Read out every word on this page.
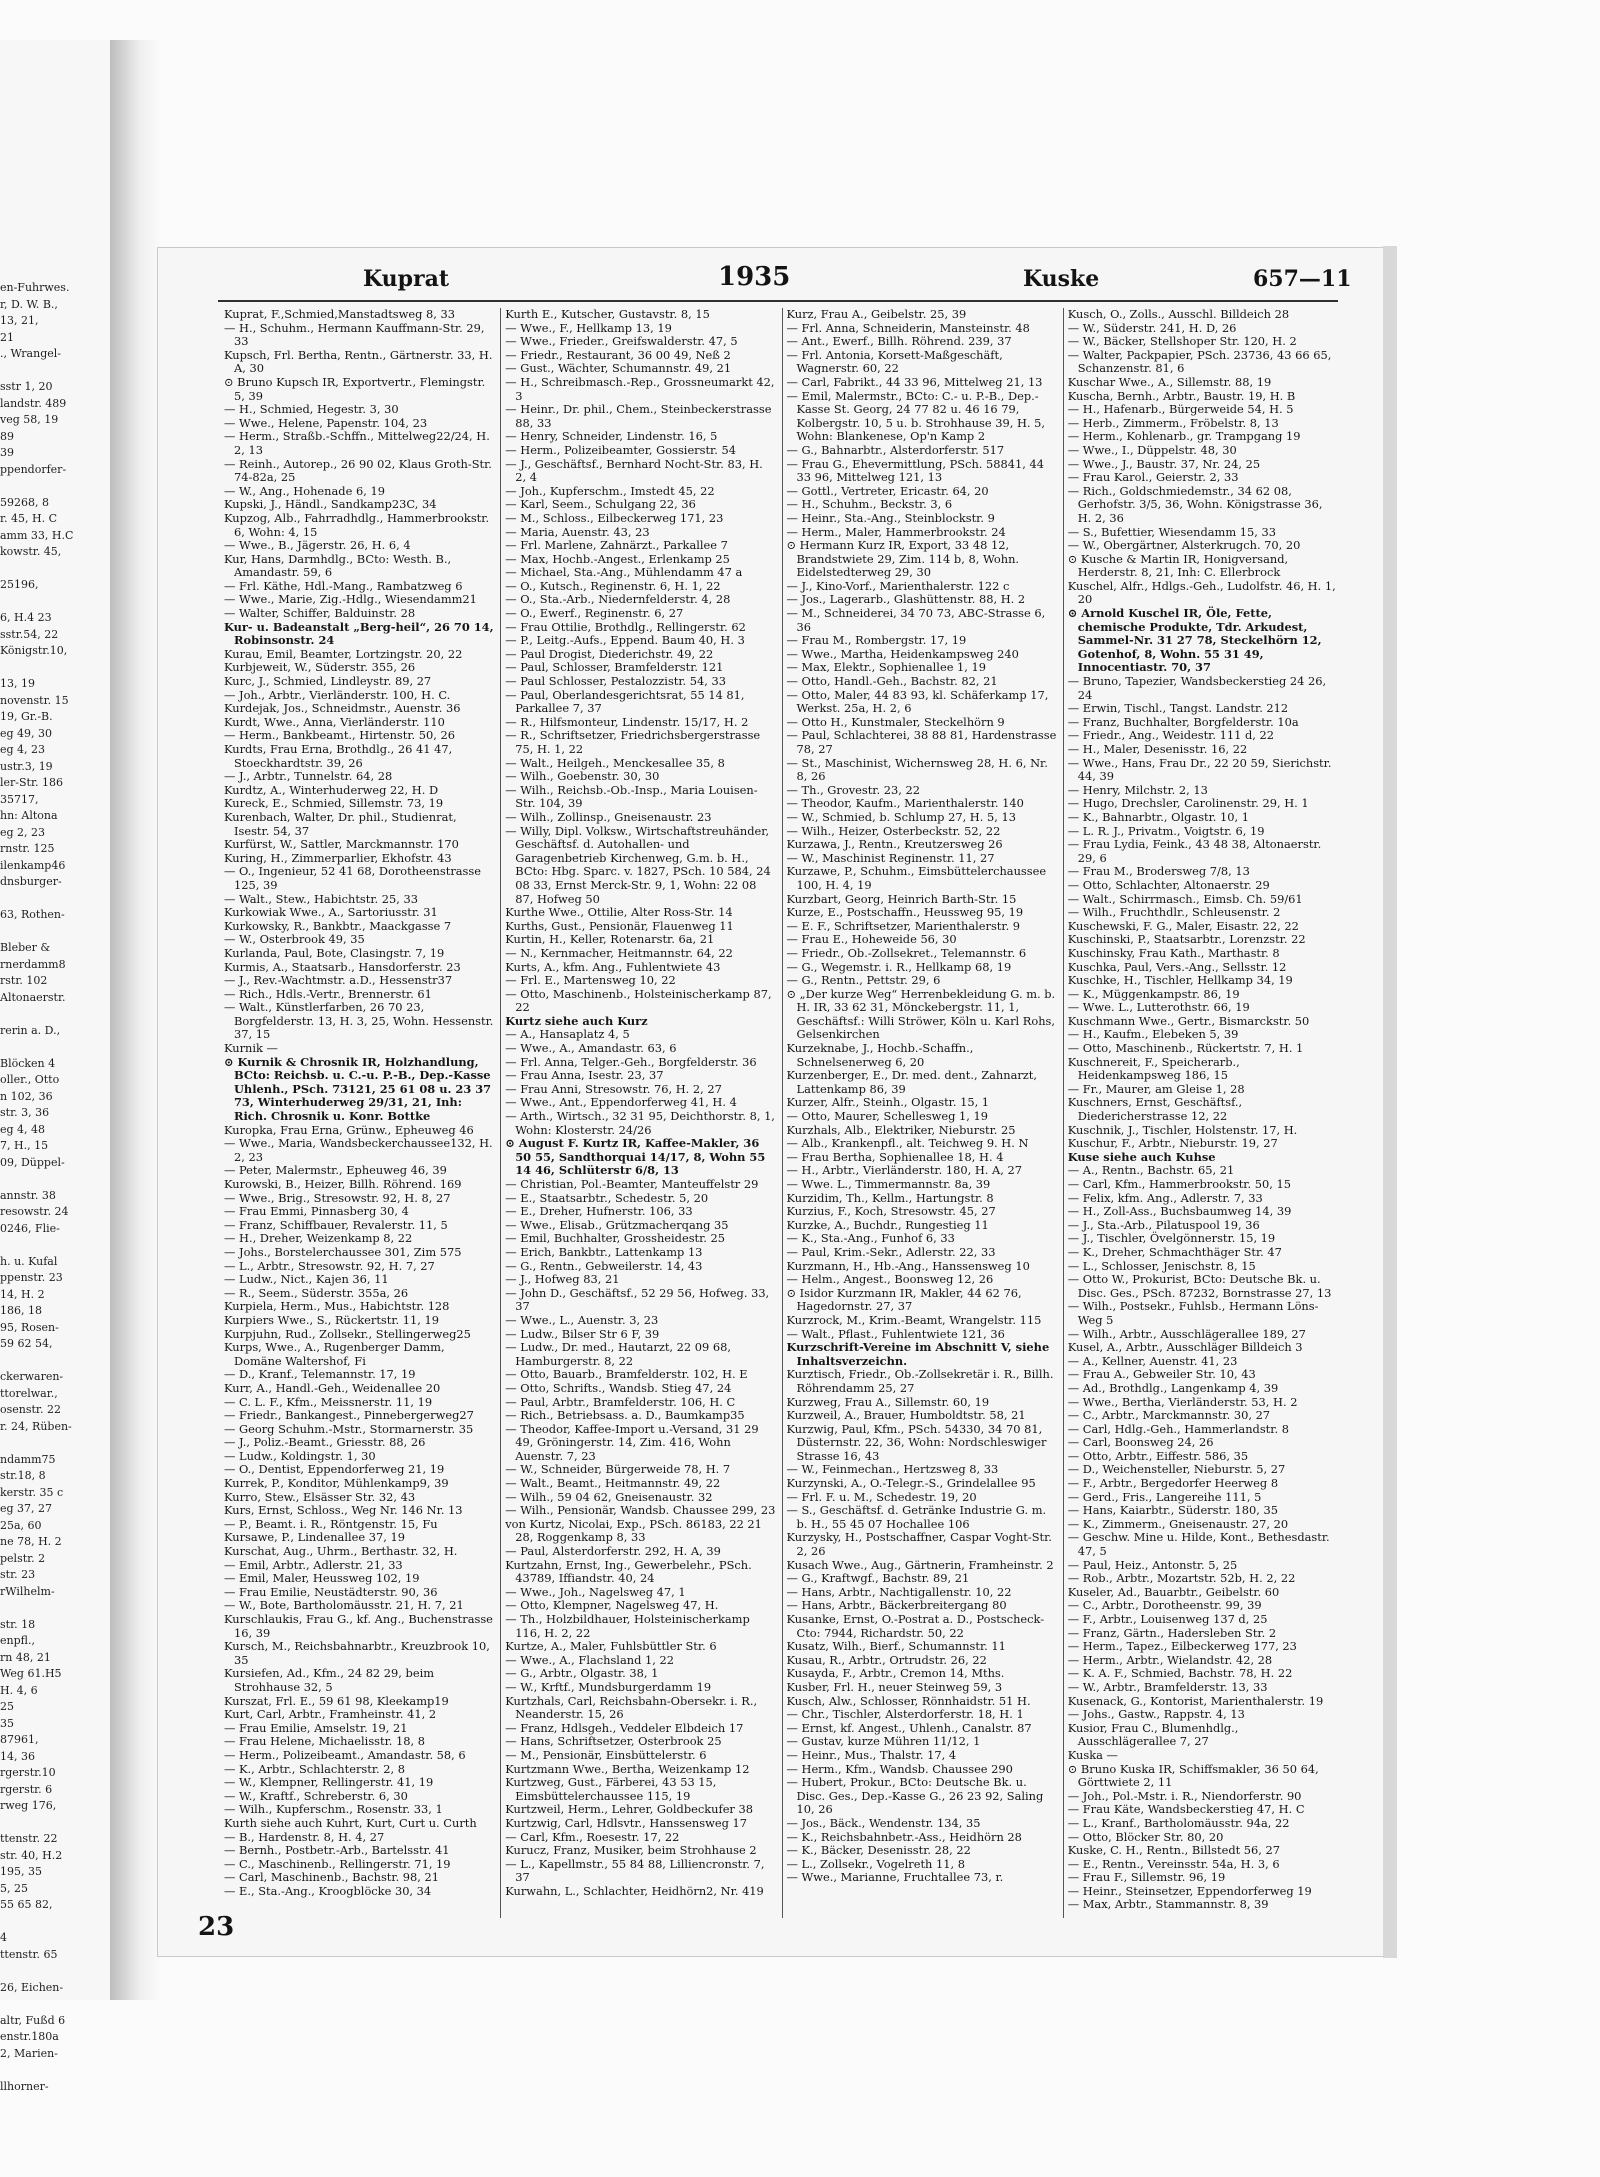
en-Fuhrwes.
r, D. W. B.,
13, 21,
21
., Wrangel-

sstr 1, 20
landstr. 489
veg 58, 19
89
39
ppendorfer-

59268, 8
r. 45, H. C
amm 33, H.C
kowstr. 45,

25196,

6, H.4 23
sstr.54, 22
Königstr.10,

13, 19
novenstr. 15
19, Gr.-B.
eg 49, 30
eg 4, 23
ustr.3, 19
ler-Str. 186
35717,
hn: Altona
eg 2, 23
rnstr. 125
ilenkamp46
dnsburger-

63, Rothen-

Bleber &
rnerdamm8
rstr. 102
Altonaerstr.

rerin a. D.,

Blöcken 4
oller., Otto
n 102, 36
str. 3, 36
eg 4, 48
7, H., 15
09, Düppel-

annstr. 38
resowstr. 24
0246, Flie-

h. u. Kufal
ppenstr. 23
14, H. 2
186, 18
95, Rosen-
59 62 54,

ckerwaren-
ttorelwar.,
osenstr. 22
r. 24, Rüben-

ndamm75
str.18, 8
kerstr. 35 c
eg 37, 27
25a, 60
ne 78, H. 2
pelstr. 2
str. 23
rWilhelm-

str. 18
enpfl.,
rn 48, 21
Weg 61.H5
H. 4, 6
25
35
87961,
14, 36
rgerstr.10
rgerstr. 6
rweg 176,

ttenstr. 22
str. 40, H.2
195, 35
5, 25
55 65 82,

4
ttenstr. 65

26, Eichen-

altr, Fußd 6
enstr.180a
2, Marien-

llhorner-
Kuprat	1935	Kuske	657—11

Kuprat, F.,Schmied,Manstadtsweg 8, 33

— H., Schuhm., Hermann Kauffmann-Str. 29, 33

Kupsch, Frl. Bertha, Rentn., Gärtnerstr. 33, H. A, 30

⊙ Bruno Kupsch IR, Exportvertr., Flemingstr. 5, 39

— H., Schmied, Hegestr. 3, 30

— Wwe., Helene, Papenstr. 104, 23

— Herm., Straßb.-Schffn., Mittelweg22/24, H. 2, 13

— Reinh., Autorep., 26 90 02, Klaus Groth-Str. 74-82a, 25

— W., Ang., Hohenade 6, 19

Kupski, J., Händl., Sandkamp23C, 34

Kupzog, Alb., Fahrradhdlg., Hammerbrookstr. 6, Wohn: 4, 15

— Wwe., B., Jägerstr. 26, H. 6, 4

Kur, Hans, Darmhdlg., BCto: Westh. B., Amandastr. 59, 6

— Frl. Käthe, Hdl.-Mang., Rambatzweg 6

— Wwe., Marie, Zig.-Hdlg., Wiesendamm21

— Walter, Schiffer, Balduinstr. 28

Kur- u. Badeanstalt „Berg-heil“, 26 70 14, Robinsonstr. 24

Kurau, Emil, Beamter, Lortzingstr. 20, 22

Kurbjeweit, W., Süderstr. 355, 26

Kurc, J., Schmied, Lindleystr. 89, 27

— Joh., Arbtr., Vierländerstr. 100, H. C.

Kurdejak, Jos., Schneidmstr., Auenstr. 36

Kurdt, Wwe., Anna, Vierländerstr. 110

— Herm., Bankbeamt., Hirtenstr. 50, 26

Kurdts, Frau Erna, Brothdlg., 26 41 47, Stoeckhardtstr. 39, 26

— J., Arbtr., Tunnelstr. 64, 28

Kurdtz, A., Winterhuderweg 22, H. D

Kureck, E., Schmied, Sillemstr. 73, 19

Kurenbach, Walter, Dr. phil., Studienrat, Isestr. 54, 37

Kurfürst, W., Sattler, Marckmannstr. 170

Kuring, H., Zimmerparlier, Ekhofstr. 43

— O., Ingenieur, 52 41 68, Dorotheenstrasse 125, 39

— Walt., Stew., Habichtstr. 25, 33

Kurkowiak Wwe., A., Sartoriusstr. 31

Kurkowsky, R., Bankbtr., Maackgasse 7

— W., Osterbrook 49, 35

Kurlanda, Paul, Bote, Clasingstr. 7, 19

Kurmis, A., Staatsarb., Hansdorferstr. 23

— J., Rev.-Wachtmstr. a.D., Hessenstr37

— Rich., Hdls.-Vertr., Brennerstr. 61

— Walt., Künstlerfarben, 26 70 23, Borgfelderstr. 13, H. 3, 25, Wohn. Hessenstr. 37, 15

Kurnik —

⊙ Kurnik & Chrosnik IR, Holzhandlung, BCto: Reichsb. u. C.-u. P.-B., Dep.-Kasse Uhlenh., PSch. 73121, 25 61 08 u. 23 37 73, Winterhuderweg 29/31, 21, Inh: Rich. Chrosnik u. Konr. Bottke

Kuropka, Frau Erna, Grünw., Epheuweg 46

— Wwe., Maria, Wandsbeckerchaussee132, H. 2, 23

— Peter, Malermstr., Epheuweg 46, 39

Kurowski, B., Heizer, Billh. Röhrend. 169

— Wwe., Brig., Stresowstr. 92, H. 8, 27

— Frau Emmi, Pinnasberg 30, 4

— Franz, Schiffbauer, Revalerstr. 11, 5

— H., Dreher, Weizenkamp 8, 22

— Johs., Borstelerchaussee 301, Zim 575

— L., Arbtr., Stresowstr. 92, H. 7, 27

— Ludw., Nict., Kajen 36, 11

— R., Seem., Süderstr. 355a, 26

Kurpiela, Herm., Mus., Habichtstr. 128

Kurpiers Wwe., S., Rückertstr. 11, 19

Kurpjuhn, Rud., Zollsekr., Stellingerweg25

Kurps, Wwe., A., Rugenberger Damm, Domäne Waltershof, Fi

— D., Kranf., Telemannstr. 17, 19

Kurr, A., Handl.-Geh., Weidenallee 20

— C. L. F., Kfm., Meissnerstr. 11, 19

— Friedr., Bankangest., Pinnebergerweg27

— Georg Schuhm.-Mstr., Stormarnerstr. 35

— J., Poliz.-Beamt., Griesstr. 88, 26

— Ludw., Koldingstr. 1, 30

— O., Dentist, Eppendorferweg 21, 19

Kurrek, P., Konditor, Mühlenkamp9, 39

Kurro, Stew., Elsässer Str. 32, 43

Kurs, Ernst, Schloss., Weg Nr. 146 Nr. 13

— P., Beamt. i. R., Röntgenstr. 15, Fu

Kursawe, P., Lindenallee 37, 19

Kurschat, Aug., Uhrm., Berthastr. 32, H.

— Emil, Arbtr., Adlerstr. 21, 33

— Emil, Maler, Heussweg 102, 19

— Frau Emilie, Neustädterstr. 90, 36

— W., Bote, Bartholomäusstr. 21, H. 7, 21

Kurschlaukis, Frau G., kf. Ang., Buchenstrasse 16, 39

Kursch, M., Reichsbahnarbtr., Kreuzbrook 10, 35

Kursiefen, Ad., Kfm., 24 82 29, beim Strohhause 32, 5

Kurszat, Frl. E., 59 61 98, Kleekamp19

Kurt, Carl, Arbtr., Framheinstr. 41, 2

— Frau Emilie, Amselstr. 19, 21

— Frau Helene, Michaelisstr. 18, 8

— Herm., Polizeibeamt., Amandastr. 58, 6

— K., Arbtr., Schlachterstr. 2, 8

— W., Klempner, Rellingerstr. 41, 19

— W., Kraftf., Schreberstr. 6, 30

— Wilh., Kupferschm., Rosenstr. 33, 1

Kurth siehe auch Kuhrt, Kurt, Curt u. Curth

— B., Hardenstr. 8, H. 4, 27

— Bernh., Postbetr.-Arb., Bartelsstr. 41

— C., Maschinenb., Rellingerstr. 71, 19

— Carl, Maschinenb., Bachstr. 98, 21

— E., Sta.-Ang., Kroogblöcke 30, 34

Kurth E., Kutscher, Gustavstr. 8, 15

— Wwe., F., Hellkamp 13, 19

— Wwe., Frieder., Greifswalderstr. 47, 5

— Friedr., Restaurant, 36 00 49, Neß 2

— Gust., Wächter, Schumannstr. 49, 21

— H., Schreibmasch.-Rep., Grossneumarkt 42, 3

— Heinr., Dr. phil., Chem., Steinbeckerstrasse 88, 33

— Henry, Schneider, Lindenstr. 16, 5

— Herm., Polizeibeamter, Gossierstr. 54

— J., Geschäftsf., Bernhard Nocht-Str. 83, H. 2, 4

— Joh., Kupferschm., Imstedt 45, 22

— Karl, Seem., Schulgang 22, 36

— M., Schloss., Eilbeckerweg 171, 23

— Maria, Auenstr. 43, 23

— Frl. Marlene, Zahnärzt., Parkallee 7

— Max, Hochb.-Angest., Erlenkamp 25

— Michael, Sta.-Ang., Mühlendamm 47 a

— O., Kutsch., Reginenstr. 6, H. 1, 22

— O., Sta.-Arb., Niedernfelderstr. 4, 28

— O., Ewerf., Reginenstr. 6, 27

— Frau Ottilie, Brothdlg., Rellingerstr. 62

— P., Leitg.-Aufs., Eppend. Baum 40, H. 3

— Paul Drogist, Diederichstr. 49, 22

— Paul, Schlosser, Bramfelderstr. 121

— Paul Schlosser, Pestalozzistr. 54, 33

— Paul, Oberlandesgerichtsrat, 55 14 81, Parkallee 7, 37

— R., Hilfsmonteur, Lindenstr. 15/17, H. 2

— R., Schriftsetzer, Friedrichsbergerstrasse 75, H. 1, 22

— Walt., Heilgeh., Menckesallee 35, 8

— Wilh., Goebenstr. 30, 30

— Wilh., Reichsb.-Ob.-Insp., Maria Louisen-Str. 104, 39

— Wilh., Zollinsp., Gneisenaustr. 23

— Willy, Dipl. Volksw., Wirtschaftstreuhänder, Geschäftsf. d. Autohallen- und Garagenbetrieb Kirchenweg, G.m. b. H., BCto: Hbg. Sparc. v. 1827, PSch. 10 584, 24 08 33, Ernst Merck-Str. 9, 1, Wohn: 22 08 87, Hofweg 50

Kurthe Wwe., Ottilie, Alter Ross-Str. 14

Kurths, Gust., Pensionär, Flauenweg 11

Kurtin, H., Keller, Rotenarstr. 6a, 21

— N., Kernmacher, Heitmannstr. 64, 22

Kurts, A., kfm. Ang., Fuhlentwiete 43

— Frl. E., Martensweg 10, 22

— Otto, Maschinenb., Holsteinischerkamp 87, 22

Kurtz siehe auch Kurz

— A., Hansaplatz 4, 5

— Wwe., A., Amandastr. 63, 6

— Frl. Anna, Telger.-Geh., Borgfelderstr. 36

— Frau Anna, Isestr. 23, 37

— Frau Anni, Stresowstr. 76, H. 2, 27

— Wwe., Ant., Eppendorferweg 41, H. 4

— Arth., Wirtsch., 32 31 95, Deichthorstr. 8, 1, Wohn: Klosterstr. 24/26

⊙ August F. Kurtz IR, Kaffee-Makler, 36 50 55, Sandthorquai 14/17, 8, Wohn 55 14 46, Schlüterstr 6/8, 13

— Christian, Pol.-Beamter, Manteuffelstr 29

— E., Staatsarbtr., Schedestr. 5, 20

— E., Dreher, Hufnerstr. 106, 33

— Wwe., Elisab., Grützmacherqang 35

— Emil, Buchhalter, Grossheidestr. 25

— Erich, Bankbtr., Lattenkamp 13

— G., Rentn., Gebweilerstr. 14, 43

— J., Hofweg 83, 21

— John D., Geschäftsf., 52 29 56, Hofweg. 33, 37

— Wwe., L., Auenstr. 3, 23

— Ludw., Bilser Str 6 F, 39

— Ludw., Dr. med., Hautarzt, 22 09 68, Hamburgerstr. 8, 22

— Otto, Bauarb., Bramfelderstr. 102, H. E

— Otto, Schrifts., Wandsb. Stieg 47, 24

— Paul, Arbtr., Bramfelderstr. 106, H. C

— Rich., Betriebsass. a. D., Baumkamp35

— Theodor, Kaffee-Import u.-Versand, 31 29 49, Gröningerstr. 14, Zim. 416, Wohn Auenstr. 7, 23

— W., Schneider, Bürgerweide 78, H. 7

— Walt., Beamt., Heitmannstr. 49, 22

— Wilh., 59 04 62, Gneisenaustr. 32

— Wilh., Pensionär, Wandsb. Chaussee 299, 23

von Kurtz, Nicolai, Exp., PSch. 86183, 22 21 28, Roggenkamp 8, 33

— Paul, Alsterdorferstr. 292, H. A, 39

Kurtzahn, Ernst, Ing., Gewerbelehr., PSch. 43789, Iffiandstr. 40, 24

— Wwe., Joh., Nagelsweg 47, 1

— Otto, Klempner, Nagelsweg 47, H.

— Th., Holzbildhauer, Holsteinischerkamp 116, H. 2, 22

Kurtze, A., Maler, Fuhlsbüttler Str. 6

— Wwe., A., Flachsland 1, 22

— G., Arbtr., Olgastr. 38, 1

— W., Krftf., Mundsburgerdamm 19

Kurtzhals, Carl, Reichsbahn-Obersekr. i. R., Neanderstr. 15, 26

— Franz, Hdlsgeh., Veddeler Elbdeich 17

— Hans, Schriftsetzer, Osterbrook 25

— M., Pensionär, Einsbüttelerstr. 6

Kurtzmann Wwe., Bertha, Weizenkamp 12

Kurtzweg, Gust., Färberei, 43 53 15, Eimsbüttelerchaussee 115, 19

Kurtzweil, Herm., Lehrer, Goldbeckufer 38

Kurtzwig, Carl, Hdlsvtr., Hanssensweg 17

— Carl, Kfm., Roesestr. 17, 22

Kurucz, Franz, Musiker, beim Strohhause 2

— L., Kapellmstr., 55 84 88, Lilliencronstr. 7, 37

Kurwahn, L., Schlachter, Heidhörn2, Nr. 419

Kurz, Frau A., Geibelstr. 25, 39

— Frl. Anna, Schneiderin, Mansteinstr. 48

— Ant., Ewerf., Billh. Röhrend. 239, 37

— Frl. Antonia, Korsett-Maßgeschäft, Wagnerstr. 60, 22

— Carl, Fabrikt., 44 33 96, Mittelweg 21, 13

— Emil, Malermstr., BCto: C.- u. P.-B., Dep.-Kasse St. Georg, 24 77 82 u. 46 16 79, Kolbergstr. 10, 5 u. b. Strohhause 39, H. 5, Wohn: Blankenese, Op'n Kamp 2

— G., Bahnarbtr., Alsterdorferstr. 517

— Frau G., Ehevermittlung, PSch. 58841, 44 33 96, Mittelweg 121, 13

— Gottl., Vertreter, Ericastr. 64, 20

— H., Schuhm., Beckstr. 3, 6

— Heinr., Sta.-Ang., Steinblockstr. 9

— Herm., Maler, Hammerbrookstr. 24

⊙ Hermann Kurz IR, Export, 33 48 12, Brandstwiete 29, Zim. 114 b, 8, Wohn. Eidelstedterweg 29, 30

— J., Kino-Vorf., Marienthalerstr. 122 c

— Jos., Lagerarb., Glashüttenstr. 88, H. 2

— M., Schneiderei, 34 70 73, ABC-Strasse 6, 36

— Frau M., Rombergstr. 17, 19

— Wwe., Martha, Heidenkampsweg 240

— Max, Elektr., Sophienallee 1, 19

— Otto, Handl.-Geh., Bachstr. 82, 21

— Otto, Maler, 44 83 93, kl. Schäferkamp 17, Werkst. 25a, H. 2, 6

— Otto H., Kunstmaler, Steckelhörn 9

— Paul, Schlachterei, 38 88 81, Hardenstrasse 78, 27

— St., Maschinist, Wichernsweg 28, H. 6, Nr. 8, 26

— Th., Grovestr. 23, 22

— Theodor, Kaufm., Marienthalerstr. 140

— W., Schmied, b. Schlump 27, H. 5, 13

— Wilh., Heizer, Osterbeckstr. 52, 22

Kurzawa, J., Rentn., Kreutzersweg 26

— W., Maschinist Reginenstr. 11, 27

Kurzawe, P., Schuhm., Eimsbüttelerchaussee 100, H. 4, 19

Kurzbart, Georg, Heinrich Barth-Str. 15

Kurze, E., Postschaffn., Heussweg 95, 19

— E. F., Schriftsetzer, Marienthalerstr. 9

— Frau E., Hoheweide 56, 30

— Friedr., Ob.-Zollsekret., Telemannstr. 6

— G., Wegemstr. i. R., Hellkamp 68, 19

— G., Rentn., Pettstr. 29, 6

⊙ „Der kurze Weg“ Herrenbekleidung G. m. b. H. IR, 33 62 31, Mönckebergstr. 11, 1, Geschäftsf.: Willi Ströwer, Köln u. Karl Rohs, Gelsenkirchen

Kurzeknabe, J., Hochb.-Schaffn., Schnelsenerweg 6, 20

Kurzenberger, E., Dr. med. dent., Zahnarzt, Lattenkamp 86, 39

Kurzer, Alfr., Steinh., Olgastr. 15, 1

— Otto, Maurer, Schellesweg 1, 19

Kurzhals, Alb., Elektriker, Nieburstr. 25

— Alb., Krankenpfl., alt. Teichweg 9. H. N

— Frau Bertha, Sophienallee 18, H. 4

— H., Arbtr., Vierländerstr. 180, H. A, 27

— Wwe. L., Timmermannstr. 8a, 39

Kurzidim, Th., Kellm., Hartungstr. 8

Kurzius, F., Koch, Stresowstr. 45, 27

Kurzke, A., Buchdr., Rungestieg 11

— K., Sta.-Ang., Funhof 6, 33

— Paul, Krim.-Sekr., Adlerstr. 22, 33

Kurzmann, H., Hb.-Ang., Hanssensweg 10

— Helm., Angest., Boonsweg 12, 26

⊙ Isidor Kurzmann IR, Makler, 44 62 76, Hagedornstr. 27, 37

Kurzrock, M., Krim.-Beamt, Wrangelstr. 115

— Walt., Pflast., Fuhlentwiete 121, 36

Kurzschrift-Vereine im Abschnitt V, siehe Inhaltsverzeichn.

Kurztisch, Friedr., Ob.-Zollsekretär i. R., Billh. Röhrendamm 25, 27

Kurzweg, Frau A., Sillemstr. 60, 19

Kurzweil, A., Brauer, Humboldtstr. 58, 21

Kurzwig, Paul, Kfm., PSch. 54330, 34 70 81, Düsternstr. 22, 36, Wohn: Nordschleswiger Strasse 16, 43

— W., Feinmechan., Hertzsweg 8, 33

Kurzynski, A., O.-Telegr.-S., Grindelallee 95

— Frl. F. u. M., Schedestr. 19, 20

— S., Geschäftsf. d. Getränke Industrie G. m. b. H., 55 45 07 Hochallee 106

Kurzysky, H., Postschaffner, Caspar Voght-Str. 2, 26

Kusach Wwe., Aug., Gärtnerin, Framheinstr. 2

— G., Kraftwgf., Bachstr. 89, 21

— Hans, Arbtr., Nachtigallenstr. 10, 22

— Hans, Arbtr., Bäckerbreitergang 80

Kusanke, Ernst, O.-Postrat a. D., Postscheck-Cto: 7944, Richardstr. 50, 22

Kusatz, Wilh., Bierf., Schumannstr. 11

Kusau, R., Arbtr., Ortrudstr. 26, 22

Kusayda, F., Arbtr., Cremon 14, Mths.

Kusber, Frl. H., neuer Steinweg 59, 3

Kusch, Alw., Schlosser, Rönnhaidstr. 51 H.

— Chr., Tischler, Alsterdorferstr. 18, H. 1

— Ernst, kf. Angest., Uhlenh., Canalstr. 87

— Gustav, kurze Mühren 11/12, 1

— Heinr., Mus., Thalstr. 17, 4

— Herm., Kfm., Wandsb. Chaussee 290

— Hubert, Prokur., BCto: Deutsche Bk. u. Disc. Ges., Dep.-Kasse G., 26 23 92, Saling 10, 26

— Jos., Bäck., Wendenstr. 134, 35

— K., Reichsbahnbetr.-Ass., Heidhörn 28

— K., Bäcker, Desenisstr. 28, 22

— L., Zollsekr., Vogelreth 11, 8

— Wwe., Marianne, Fruchtallee 73, r.

Kusch, O., Zolls., Ausschl. Billdeich 28

— W., Süderstr. 241, H. D, 26

— W., Bäcker, Stellshoper Str. 120, H. 2

— Walter, Packpapier, PSch. 23736, 43 66 65, Schanzenstr. 81, 6

Kuschar Wwe., A., Sillemstr. 88, 19

Kuscha, Bernh., Arbtr., Baustr. 19, H. B

— H., Hafenarb., Bürgerweide 54, H. 5

— Herb., Zimmerm., Fröbelstr. 8, 13

— Herm., Kohlenarb., gr. Trampgang 19

— Wwe., I., Düppelstr. 48, 30

— Wwe., J., Baustr. 37, Nr. 24, 25

— Frau Karol., Geierstr. 2, 33

— Rich., Goldschmiedemstr., 34 62 08, Gerhofstr. 3/5, 36, Wohn. Königstrasse 36, H. 2, 36

— S., Bufettier, Wiesendamm 15, 33

— W., Obergärtner, Alsterkrugch. 70, 20

⊙ Kusche & Martin IR, Honigversand, Herderstr. 8, 21, Inh: C. Ellerbrock

Kuschel, Alfr., Hdlgs.-Geh., Ludolfstr. 46, H. 1, 20

⊙ Arnold Kuschel IR, Öle, Fette, chemische Produkte, Tdr. Arkudest, Sammel-Nr. 31 27 78, Steckelhörn 12, Gotenhof, 8, Wohn. 55 31 49, Innocentiastr. 70, 37

— Bruno, Tapezier, Wandsbeckerstieg 24 26, 24

— Erwin, Tischl., Tangst. Landstr. 212

— Franz, Buchhalter, Borgfelderstr. 10a

— Friedr., Ang., Weidestr. 111 d, 22

— H., Maler, Desenisstr. 16, 22

— Wwe., Hans, Frau Dr., 22 20 59, Sierichstr. 44, 39

— Henry, Milchstr. 2, 13

— Hugo, Drechsler, Carolinenstr. 29, H. 1

— K., Bahnarbtr., Olgastr. 10, 1

— L. R. J., Privatm., Voigtstr. 6, 19

— Frau Lydia, Feink., 43 48 38, Altonaerstr. 29, 6

— Frau M., Brodersweg 7/8, 13

— Otto, Schlachter, Altonaerstr. 29

— Walt., Schirrmasch., Eimsb. Ch. 59/61

— Wilh., Fruchthdlr., Schleusenstr. 2

Kuschewski, F. G., Maler, Eisastr. 22, 22

Kuschinski, P., Staatsarbtr., Lorenzstr. 22

Kuschinsky, Frau Kath., Marthastr. 8

Kuschka, Paul, Vers.-Ang., Sellsstr. 12

Kuschke, H., Tischler, Hellkamp 34, 19

— K., Müggenkampstr. 86, 19

— Wwe. L., Lutterothstr. 66, 19

Kuschmann Wwe., Gertr., Bismarckstr. 50

— H., Kaufm., Elebeken 5, 39

— Otto, Maschinenb., Rückertstr. 7, H. 1

Kuschnereit, F., Speicherarb., Heidenkampsweg 186, 15

— Fr., Maurer, am Gleise 1, 28

Kuschners, Ernst, Geschäftsf., Diedericherstrasse 12, 22

Kuschnik, J., Tischler, Holstenstr. 17, H.

Kuschur, F., Arbtr., Nieburstr. 19, 27

Kuse siehe auch Kuhse

— A., Rentn., Bachstr. 65, 21

— Carl, Kfm., Hammerbrookstr. 50, 15

— Felix, kfm. Ang., Adlerstr. 7, 33

— H., Zoll-Ass., Buchsbaumweg 14, 39

— J., Sta.-Arb., Pilatuspool 19, 36

— J., Tischler, Övelgönnerstr. 15, 19

— K., Dreher, Schmachthäger Str. 47

— L., Schlosser, Jenischstr. 8, 15

— Otto W., Prokurist, BCto: Deutsche Bk. u. Disc. Ges., PSch. 87232, Bornstrasse 27, 13

— Wilh., Postsekr., Fuhlsb., Hermann Löns-Weg 5

— Wilh., Arbtr., Ausschlägerallee 189, 27

Kusel, A., Arbtr., Ausschläger Billdeich 3

— A., Kellner, Auenstr. 41, 23

— Frau A., Gebweiler Str. 10, 43

— Ad., Brothdlg., Langenkamp 4, 39

— Wwe., Bertha, Vierländerstr. 53, H. 2

— C., Arbtr., Marckmannstr. 30, 27

— Carl, Hdlg.-Geh., Hammerlandstr. 8

— Carl, Boonsweg 24, 26

— Otto, Arbtr., Eiffestr. 586, 35

— D., Weichensteller, Nieburstr. 5, 27

— F., Arbtr., Bergedorfer Heerweg 8

— Gerd., Fris., Langereihe 111, 5

— Hans, Kaiarbtr., Süderstr. 180, 35

— K., Zimmerm., Gneisenaustr. 27, 20

— Geschw. Mine u. Hilde, Kont., Bethesdastr. 47, 5

— Paul, Heiz., Antonstr. 5, 25

— Rob., Arbtr., Mozartstr. 52b, H. 2, 22

Kuseler, Ad., Bauarbtr., Geibelstr. 60

— C., Arbtr., Dorotheenstr. 99, 39

— F., Arbtr., Louisenweg 137 d, 25

— Franz, Gärtn., Hadersleben Str. 2

— Herm., Tapez., Eilbeckerweg 177, 23

— Herm., Arbtr., Wielandstr. 42, 28

— K. A. F., Schmied, Bachstr. 78, H. 22

— W., Arbtr., Bramfelderstr. 13, 33

Kusenack, G., Kontorist, Marienthalerstr. 19

— Johs., Gastw., Rappstr. 4, 13

Kusior, Frau C., Blumenhdlg., Ausschlägerallee 7, 27

Kuska —

⊙ Bruno Kuska IR, Schiffsmakler, 36 50 64, Görttwiete 2, 11

— Joh., Pol.-Mstr. i. R., Niendorferstr. 90

— Frau Käte, Wandsbeckerstieg 47, H. C

— L., Kranf., Bartholomäusstr. 94a, 22

— Otto, Blöcker Str. 80, 20

Kuske, C. H., Rentn., Billstedt 56, 27

— E., Rentn., Vereinsstr. 54a, H. 3, 6

— Frau F., Sillemstr. 96, 19

— Heinr., Steinsetzer, Eppendorferweg 19

— Max, Arbtr., Stammannstr. 8, 39

23
